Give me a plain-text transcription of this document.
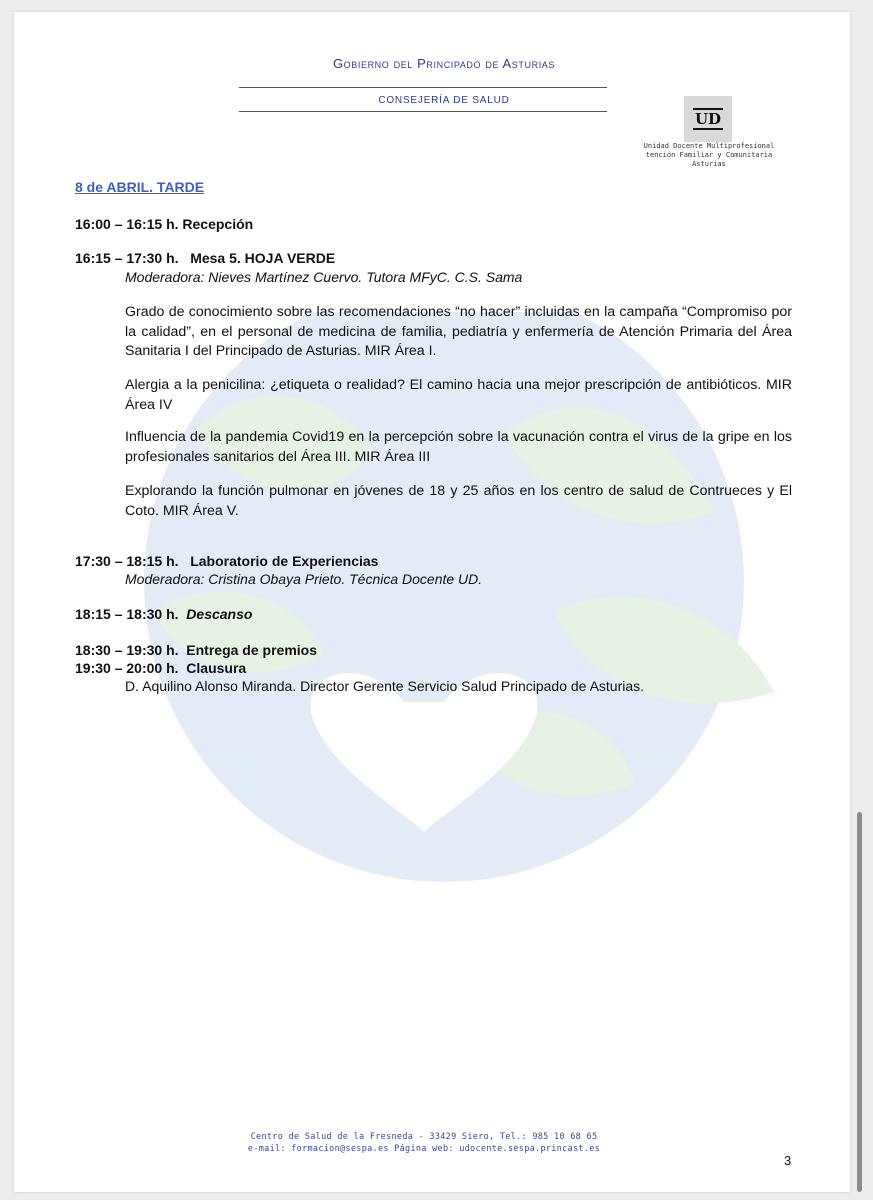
Gobierno del Principado de Asturias
CONSEJERÍA DE SALUD
UD
Unidad Docente Multiprofesional
tención Familiar y Comunitaria
Asturias
8 de ABRIL. TARDE
16:00 – 16:15 h. Recepción
16:15 – 17:30 h. Mesa 5. HOJA VERDE
Moderadora: Nieves Martínez Cuervo. Tutora MFyC. C.S. Sama
Grado de conocimiento sobre las recomendaciones “no hacer” incluidas en la campaña “Compromiso por la calidad”, en el personal de medicina de familia, pediatría y enfermería de Atención Primaria del Área Sanitaria I del Principado de Asturias. MIR Área I.
Alergia a la penicilina: ¿etiqueta o realidad? El camino hacia una mejor prescripción de antibióticos. MIR Área IV
Influencia de la pandemia Covid19 en la percepción sobre la vacunación contra el virus de la gripe en los profesionales sanitarios del Área III. MIR Área III
Explorando la función pulmonar en jóvenes de 18 y 25 años en los centro de salud de Contrueces y El Coto. MIR Área V.
17:30 – 18:15 h. Laboratorio de Experiencias
Moderadora: Cristina Obaya Prieto. Técnica Docente UD.
18:15 – 18:30 h. Descanso
18:30 – 19:30 h. Entrega de premios
19:30 – 20:00 h. Clausura
D. Aquilino Alonso Miranda. Director Gerente Servicio Salud Principado de Asturias.
Centro de Salud de la Fresneda - 33429 Siero, Tel.: 985 10 68 65
e-mail: formacion@sespa.es Página web: udocente.sespa.princast.es
3
